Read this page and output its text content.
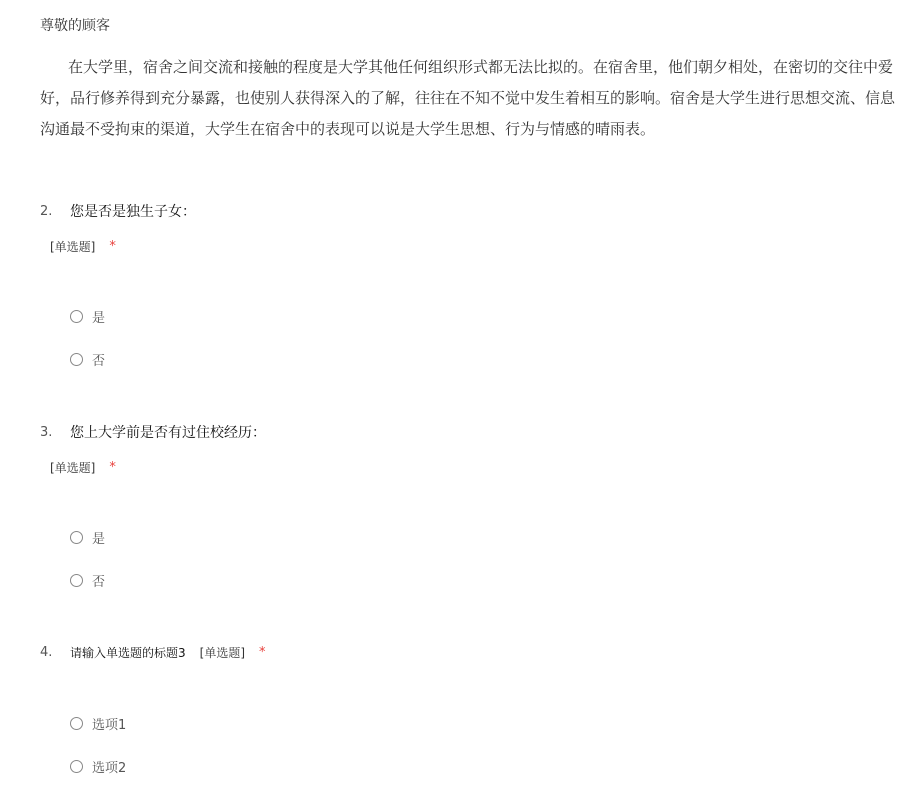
尊敬的顾客
在大学里，宿舍之间交流和接触的程度是大学其他任何组织形式都无法比拟的。在宿舍里，他们朝夕相处，在密切的交往中爱好，品行修养得到充分暴露，也使别人获得深入的了解，往往在不知不觉中发生着相互的影响。宿舍是大学生进行思想交流、信息沟通最不受拘束的渠道，大学生在宿舍中的表现可以说是大学生思想、行为与情感的晴雨表。
2.	您是否是独生子女：
[单选题] *
是
否
3.	您上大学前是否有过住校经历：
[单选题] *
是
否
4.	请输入单选题的标题3 [单选题] *
选项1
选项2
